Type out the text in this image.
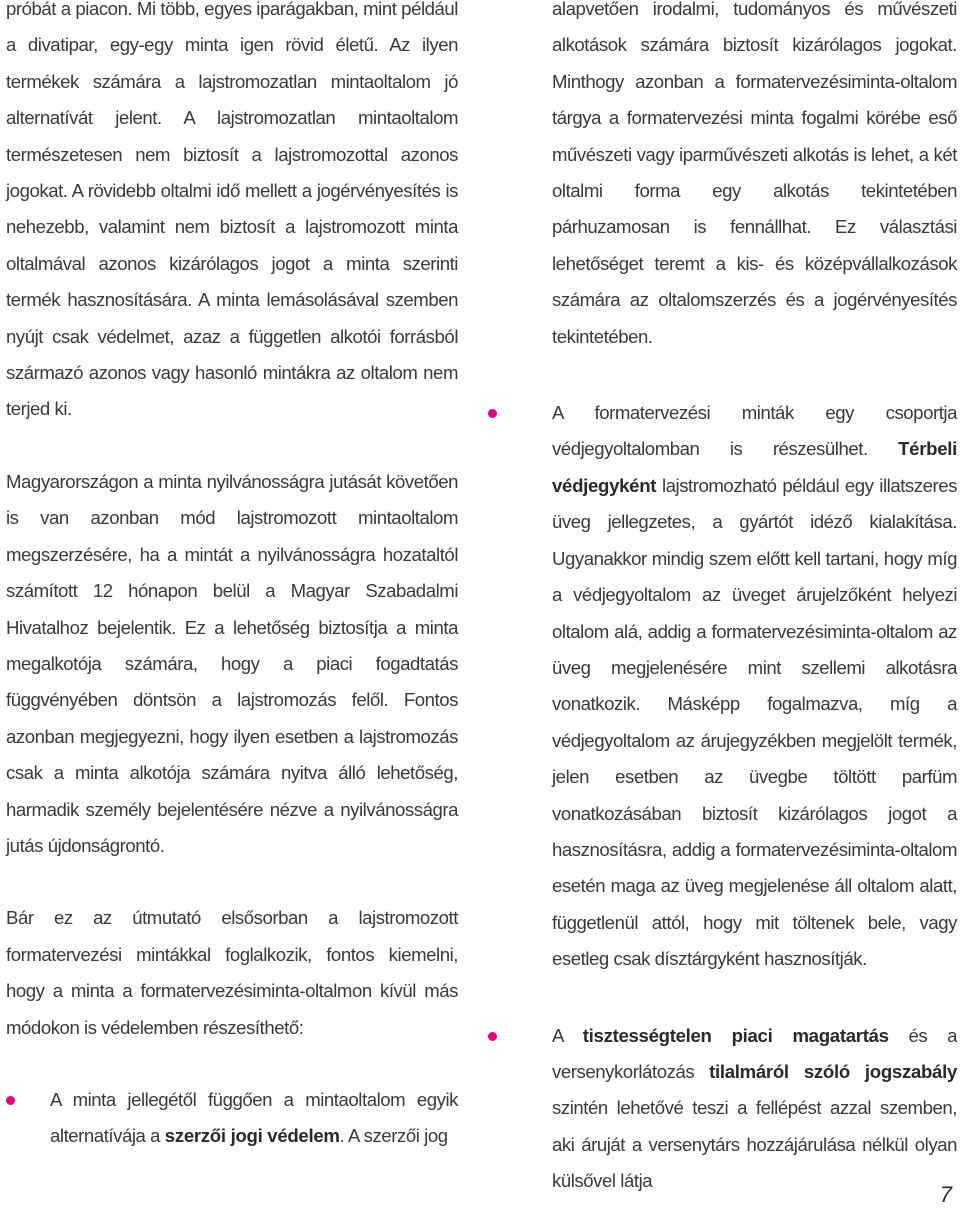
próbát a piacon. Mi több, egyes iparágakban, mint például a divatipar, egy-egy minta igen rövid életű. Az ilyen termékek számára a lajstromozatlan mintaoltalom jó alternatívát jelent. A lajstromozatlan mintaoltalom természetesen nem biztosít a lajstromozottal azonos jogokat. A rövidebb oltalmi idő mellett a jogérvényesítés is nehezebb, valamint nem biztosít a lajstromozott minta oltalmával azonos kizárólagos jogot a minta szerinti termék hasznosítására. A minta lemásolásával szemben nyújt csak védelmet, azaz a független alkotói forrásból származó azonos vagy hasonló mintákra az oltalom nem terjed ki.

Magyarországon a minta nyilvánosságra jutását követően is van azonban mód lajstromozott mintaoltalom megszerzésére, ha a mintát a nyilvánosságra hozataltól számított 12 hónapon belül a Magyar Szabadalmi Hivatalhoz bejelentik. Ez a lehetőség biztosítja a minta megalkotója számára, hogy a piaci fogadtatás függvényében döntsön a lajstromozás felől. Fontos azonban megjegyezni, hogy ilyen esetben a lajstromozás csak a minta alkotója számára nyitva álló lehetőség, harmadik személy bejelentésére nézve a nyilvánosságra jutás újdonságrontó.

Bár ez az útmutató elsősorban a lajstromozott formatervezési mintákkal foglalkozik, fontos kiemelni, hogy a minta a formatervezésiminta-oltalmon kívül más módokon is védelemben részesíthető:

A minta jellegétől függően a mintaoltalom egyik alternatívája a szerzői jogi védelem. A szerzői jog

alapvetően irodalmi, tudományos és művészeti alkotások számára biztosít kizárólagos jogokat. Minthogy azonban a formatervezésiminta-oltalom tárgya a formatervezési minta fogalmi körébe eső művészeti vagy iparművészeti alkotás is lehet, a két oltalmi forma egy alkotás tekintetében párhuzamosan is fennállhat. Ez választási lehetőséget teremt a kis- és középvállalkozások számára az oltalomszerzés és a jogérvényesítés tekintetében.

A formatervezési minták egy csoportja védjegyoltalomban is részesülhet. Térbeli védjegyként lajstromozható például egy illatszeres üveg jellegzetes, a gyártót idéző kialakítása. Ugyanakkor mindig szem előtt kell tartani, hogy míg a védjegyoltalom az üveget árujelzőként helyezi oltalom alá, addig a formatervezésiminta-oltalom az üveg megjelenésére mint szellemi alkotásra vonatkozik. Másképp fogalmazva, míg a védjegyoltalom az árujegyzékben megjelölt termék, jelen esetben az üvegbe töltött parfüm vonatkozásában biztosít kizárólagos jogot a hasznosításra, addig a formatervezésiminta-oltalom esetén maga az üveg megjelenése áll oltalom alatt, függetlenül attól, hogy mit töltenek bele, vagy esetleg csak dísztárgyként hasznosítják.

A tisztességtelen piaci magatartás és a versenykorlátozás tilalmáról szóló jogszabály szintén lehetővé teszi a fellépést azzal szemben, aki áruját a versenytárs hozzájárulása nélkül olyan külsővel látja

7
